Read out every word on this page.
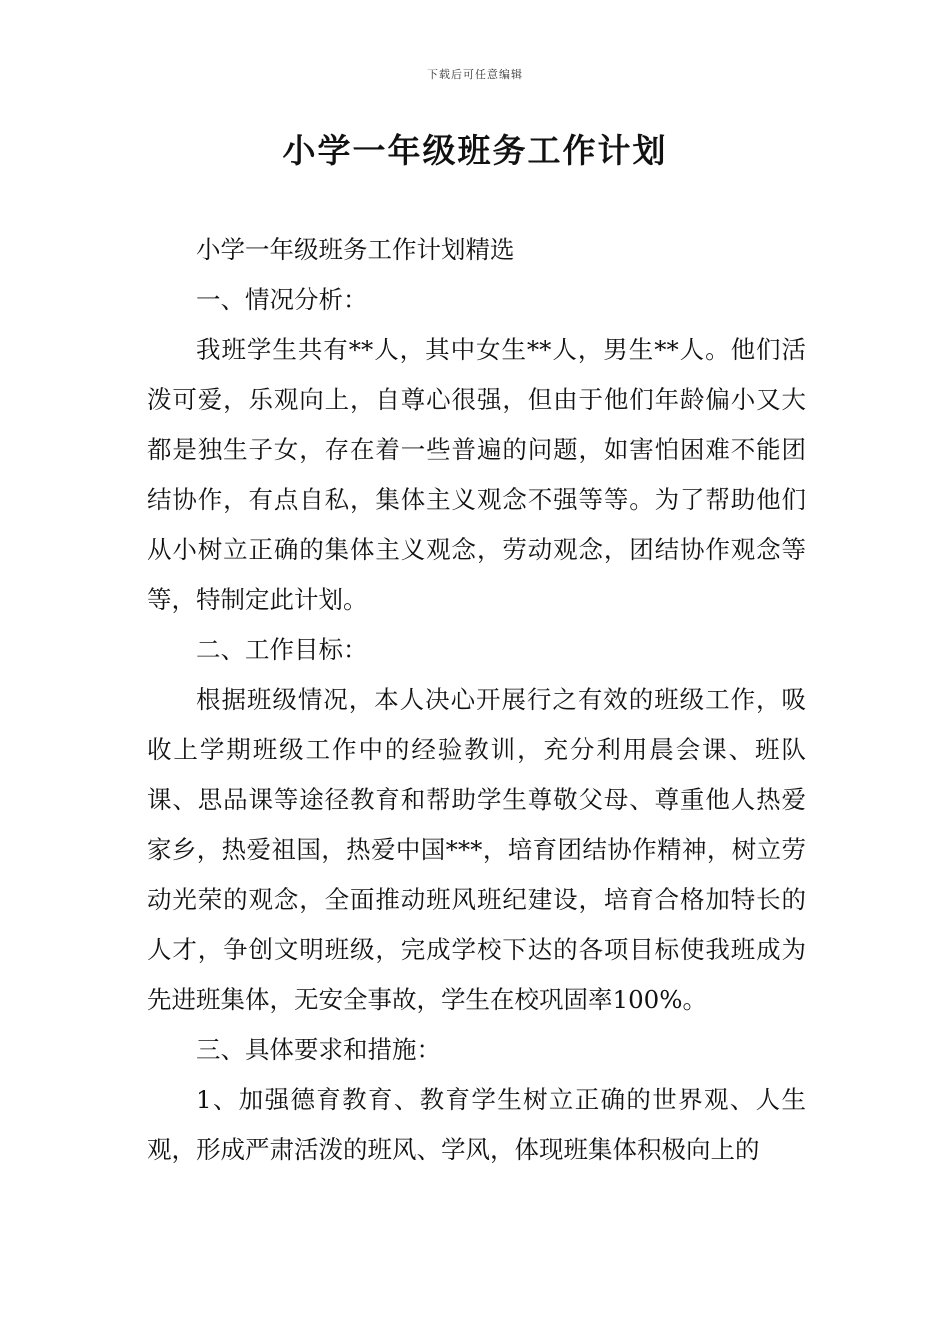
下载后可任意编辑
小学一年级班务工作计划

小学一年级班务工作计划精选

一、情况分析：

我班学生共有**人，其中女生**人，男生**人。他们活泼可爱，乐观向上，自尊心很强，但由于他们年龄偏小又大都是独生子女，存在着一些普遍的问题，如害怕困难不能团结协作，有点自私，集体主义观念不强等等。为了帮助他们从小树立正确的集体主义观念，劳动观念，团结协作观念等等，特制定此计划。

二、工作目标：

根据班级情况，本人决心开展行之有效的班级工作，吸收上学期班级工作中的经验教训，充分利用晨会课、班队课、思品课等途径教育和帮助学生尊敬父母、尊重他人热爱家乡，热爱祖国，热爱中国***，培育团结协作精神，树立劳动光荣的观念，全面推动班风班纪建设，培育合格加特长的人才，争创文明班级，完成学校下达的各项目标使我班成为先进班集体，无安全事故，学生在校巩固率100%。

三、具体要求和措施：

1、加强德育教育、教育学生树立正确的世界观、人生观，形成严肃活泼的班风、学风，体现班集体积极向上的
